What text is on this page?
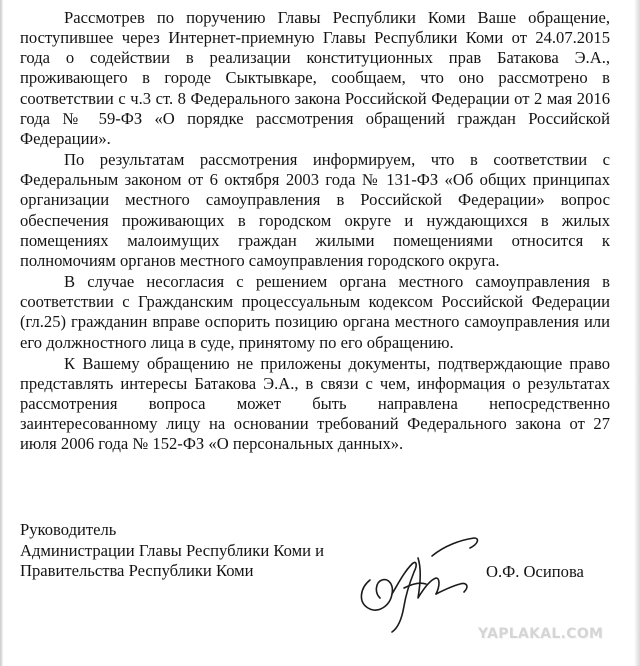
Рассмотрев по поручению Главы Республики Коми Ваше обращение, поступившее через Интернет-приемную Главы Республики Коми от 24.07.2015 года о содействии в реализации конституционных прав Батакова Э.А., проживающего в городе Сыктывкаре, сообщаем, что оно рассмотрено в соответствии с ч.3 ст. 8 Федерального закона Российской Федерации от 2 мая 2016 года № 59-ФЗ «О порядке рассмотрения обращений граждан Российской Федерации».

По результатам рассмотрения информируем, что в соответствии с Федеральным законом от 6 октября 2003 года № 131-ФЗ «Об общих принципах организации местного самоуправления в Российской Федерации» вопрос обеспечения проживающих в городском округе и нуждающихся в жилых помещениях малоимущих граждан жилыми помещениями относится к полномочиям органов местного самоуправления городского округа.

В случае несогласия с решением органа местного самоуправления в соответствии с Гражданским процессуальным кодексом Российской Федерации (гл.25) гражданин вправе оспорить позицию органа местного самоуправления или его должностного лица в суде, принятому по его обращению.

К Вашему обращению не приложены документы, подтверждающие право представлять интересы Батакова Э.А., в связи с чем, информация о результатах рассмотрения вопроса может быть направлена непосредственно заинтересованному лицу на основании требований Федерального закона от 27 июля 2006 года № 152-ФЗ «О персональных данных».

Руководитель
Администрации Главы Республики Коми и
Правительства Республики Коми	О.Ф. Осипова
YAPLAKAL.COM
